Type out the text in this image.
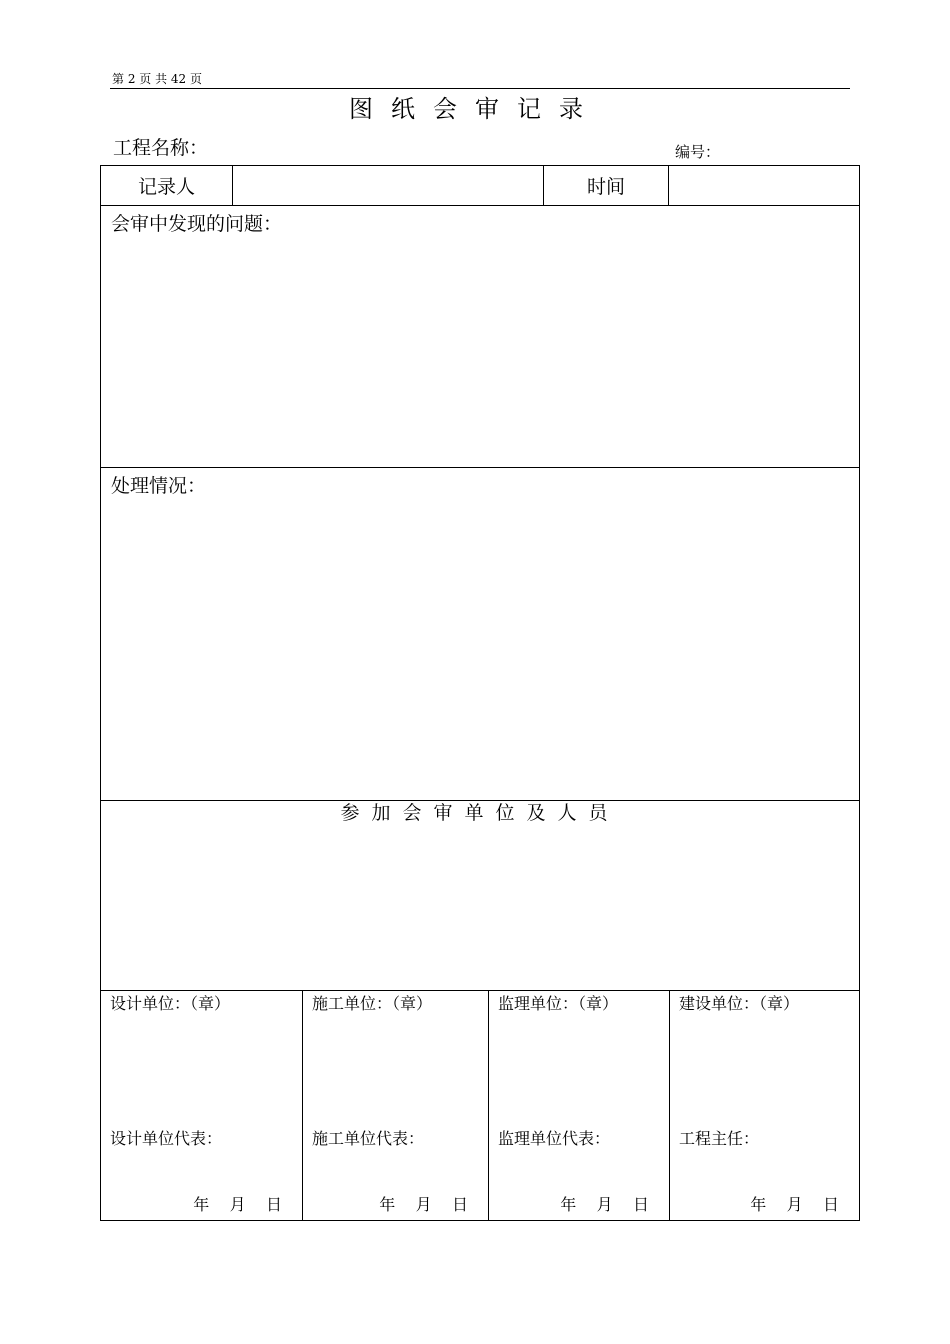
第 2 页 共 42 页
图纸会审记录
工程名称：	编号：
记录人	时间
会审中发现的问题：
处理情况：
参加会审单位及人员
设计单位：（章）
设计单位代表：
年    月    日
施工单位：（章）
施工单位代表：
年    月    日
监理单位：（章）
监理单位代表：
年    月    日
建设单位：（章）
工程主任：
年    月    日
